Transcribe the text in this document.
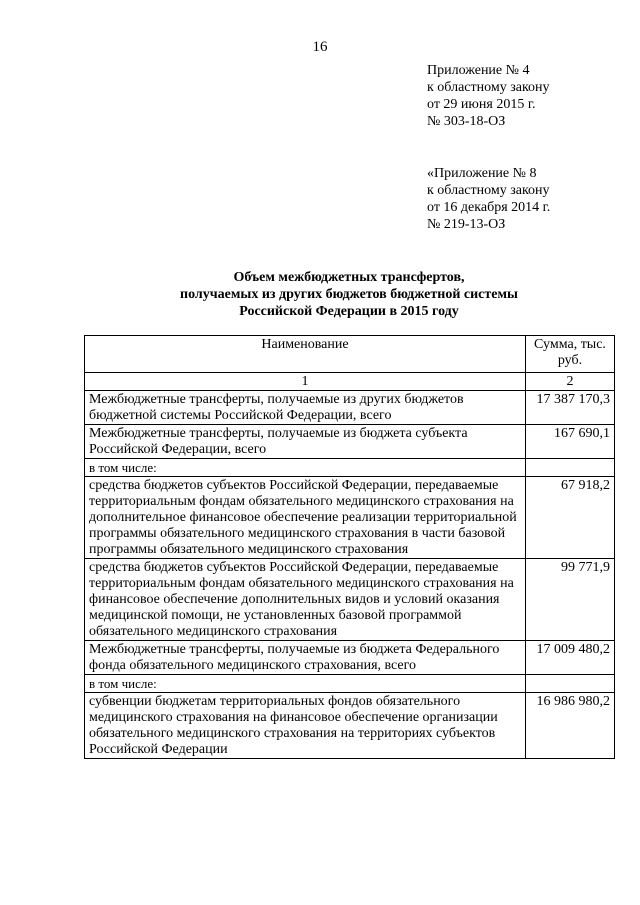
16
Приложение № 4
к областному закону
от 29 июня 2015 г.
№ 303-18-ОЗ
«Приложение № 8
к областному закону
от 16 декабря 2014 г.
№ 219-13-ОЗ
Объем межбюджетных трансфертов,
получаемых из других бюджетов бюджетной системы
Российской Федерации в 2015 году
Наименование	Сумма, тыс. руб.
1	2
Межбюджетные трансферты, получаемые из других бюджетов бюджетной системы Российской Федерации, всего	17 387 170,3
Межбюджетные трансферты, получаемые из бюджета субъекта Российской Федерации, всего	167 690,1
в том числе:	
средства бюджетов субъектов Российской Федерации, передаваемые территориальным фондам обязательного медицинского страхования на дополнительное финансовое обеспечение реализации территориальной программы обязательного медицинского страхования в части базовой программы обязательного медицинского страхования	67 918,2
средства бюджетов субъектов Российской Федерации, передаваемые территориальным фондам обязательного медицинского страхования на финансовое обеспечение дополнительных видов и условий оказания медицинской помощи, не установленных базовой программой обязательного медицинского страхования	99 771,9
Межбюджетные трансферты, получаемые из бюджета Федерального фонда обязательного медицинского страхования, всего	17 009 480,2
в том числе:	
субвенции бюджетам территориальных фондов обязательного медицинского страхования на финансовое обеспечение организации обязательного медицинского страхования на территориях субъектов Российской Федерации	16 986 980,2
